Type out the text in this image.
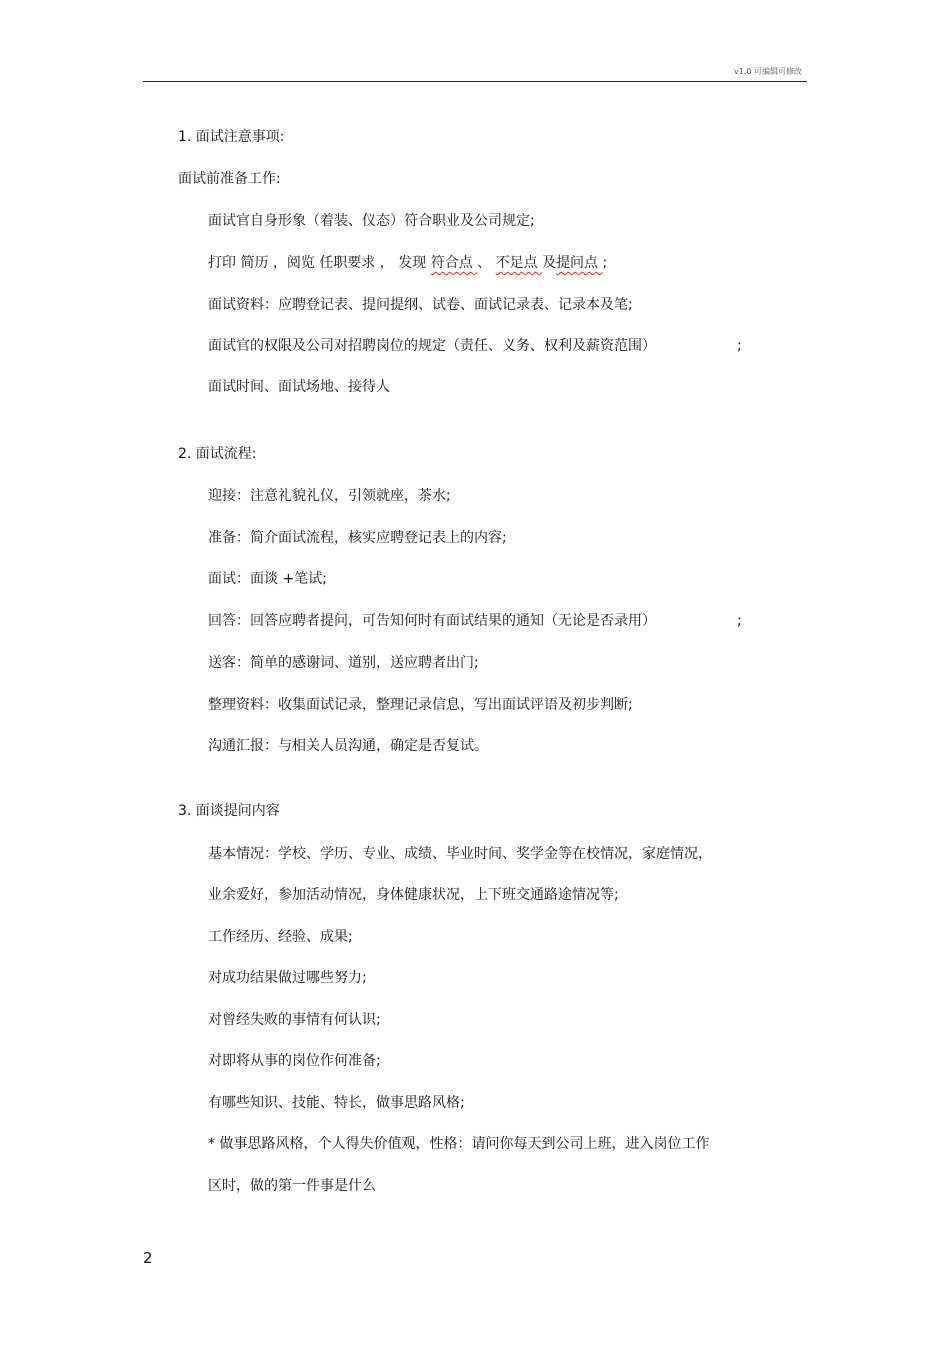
v1.0 可编辑可修改
1. 面试注意事项:
面试前准备工作:
面试官自身形象（着装、仪态）符合职业及公司规定;
打印 简历 ，阅览 任职要求 ， 发现 符合点 、 不足点 及提问点 ;
面试资料：应聘登记表、提问提纲、试卷、面试记录表、记录本及笔;
面试官的权限及公司对招聘岗位的规定（责任、义务、权利及薪资范围）	;
面试时间、面试场地、接待人
2. 面试流程:
迎接：注意礼貌礼仪，引领就座，茶水;
准备：简介面试流程，核实应聘登记表上的内容;
面试：面谈 +笔试;
回答：回答应聘者提问，可告知何时有面试结果的通知（无论是否录用）	;
送客：简单的感谢词、道别，送应聘者出门;
整理资料：收集面试记录，整理记录信息，写出面试评语及初步判断;
沟通汇报：与相关人员沟通，确定是否复试。
3. 面谈提问内容
基本情况：学校、学历、专业、成绩、毕业时间、奖学金等在校情况，家庭情况，
业余爱好，参加活动情况，身体健康状况，上下班交通路途情况等;
工作经历、经验、成果;
对成功结果做过哪些努力;
对曾经失败的事情有何认识;
对即将从事的岗位作何准备;
有哪些知识、技能、特长，做事思路风格;
* 做事思路风格，个人得失价值观，性格：请问你每天到公司上班，进入岗位工作
区时，做的第一件事是什么
2
